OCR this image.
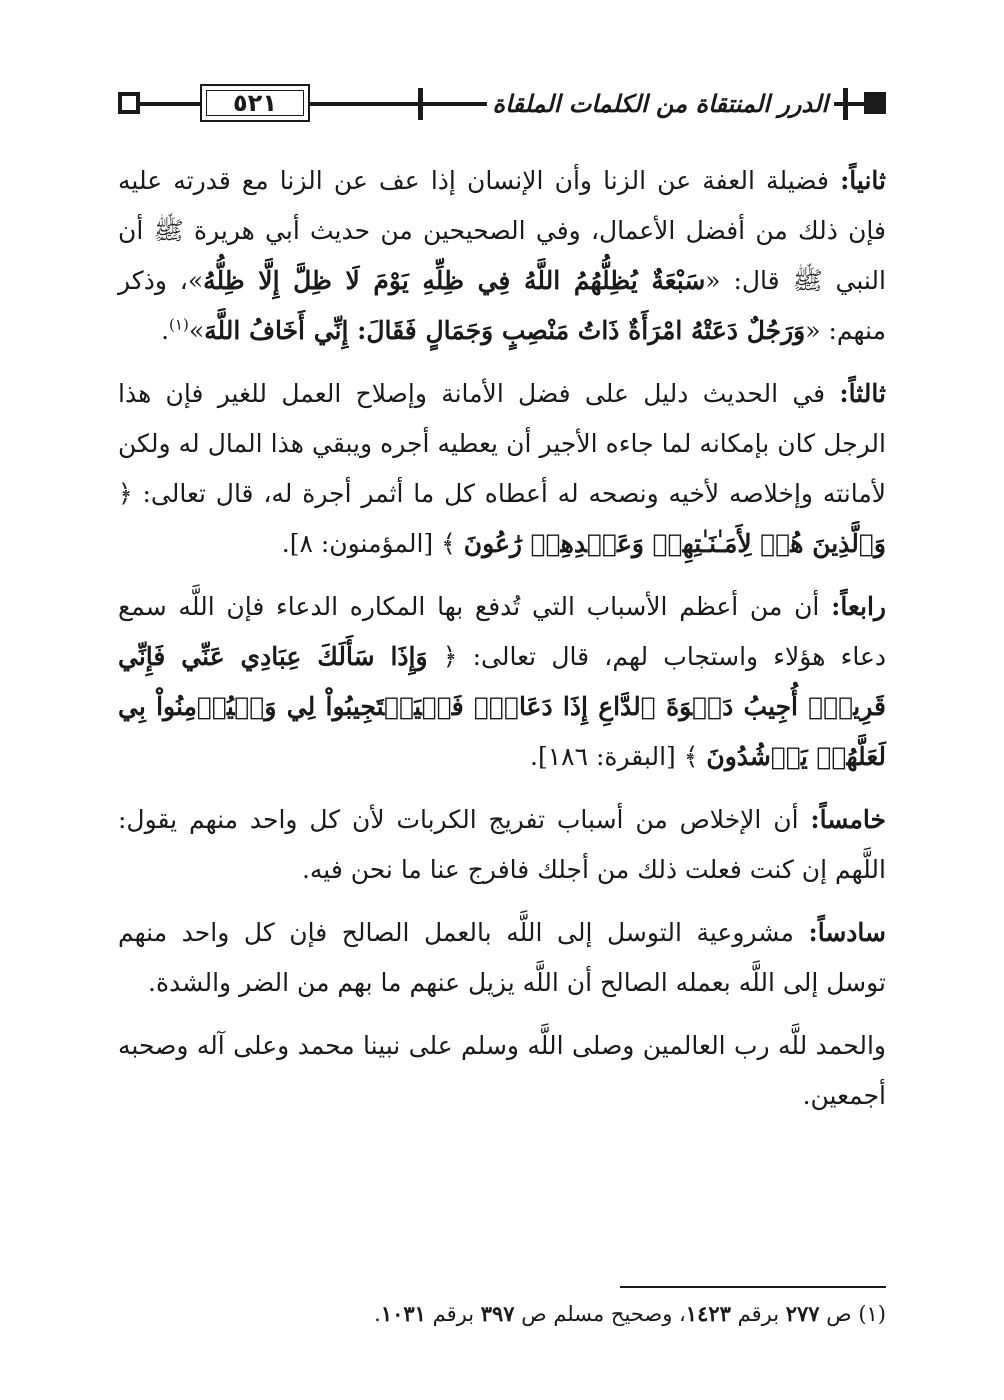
٥٢١	الدرر المنتقاة من الكلمات الملقاة

ثانياً: فضيلة العفة عن الزنا وأن الإنسان إذا عف عن الزنا مع قدرته عليه فإن ذلك من أفضل الأعمال، وفي الصحيحين من حديث أبي هريرة ﷺ أن النبي ﷺ قال: «سَبْعَةٌ يُظِلُّهُمُ اللَّهُ فِي ظِلِّهِ يَوْمَ لَا ظِلَّ إِلَّا ظِلُّهُ»، وذكر منهم: «وَرَجُلٌ دَعَتْهُ امْرَأَةٌ ذَاتُ مَنْصِبٍ وَجَمَالٍ فَقَالَ: إِنِّي أَخَافُ اللَّهَ»$^{(١)}$.

ثالثاً: في الحديث دليل على فضل الأمانة وإصلاح العمل للغير فإن هذا الرجل كان بإمكانه لما جاءه الأجير أن يعطيه أجره ويبقي هذا المال له ولكن لأمانته وإخلاصه لأخيه ونصحه له أعطاه كل ما أثمر أجرة له، قال تعالى: ﴿ وَٱلَّذِينَ هُمۡ لِأَمَـٰنَـٰتِهِمۡ وَعَهۡدِهِمۡ رَٰعُونَ ﴾ [المؤمنون: ٨].

رابعاً: أن من أعظم الأسباب التي تُدفع بها المكاره الدعاء فإن اللَّه سمع دعاء هؤلاء واستجاب لهم، قال تعالى: ﴿ وَإِذَا سَأَلَكَ عِبَادِي عَنِّي فَإِنِّي قَرِيبٌۖ أُجِيبُ دَعۡوَةَ ٱلدَّاعِ إِذَا دَعَانِۖ فَلۡيَسۡتَجِيبُواْ لِي وَلۡيُؤۡمِنُواْ بِي لَعَلَّهُمۡ يَرۡشُدُونَ ﴾ [البقرة: ١٨٦].

خامساً: أن الإخلاص من أسباب تفريج الكربات لأن كل واحد منهم يقول: اللَّهم إن كنت فعلت ذلك من أجلك فافرج عنا ما نحن فيه.

سادساً: مشروعية التوسل إلى اللَّه بالعمل الصالح فإن كل واحد منهم توسل إلى اللَّه بعمله الصالح أن اللَّه يزيل عنهم ما بهم من الضر والشدة.

والحمد للَّه رب العالمين وصلى اللَّه وسلم على نبينا محمد وعلى آله وصحبه أجمعين.

(١) ص ٢٧٧ برقم ١٤٢٣، وصحيح مسلم ص ٣٩٧ برقم ١٠٣١.
